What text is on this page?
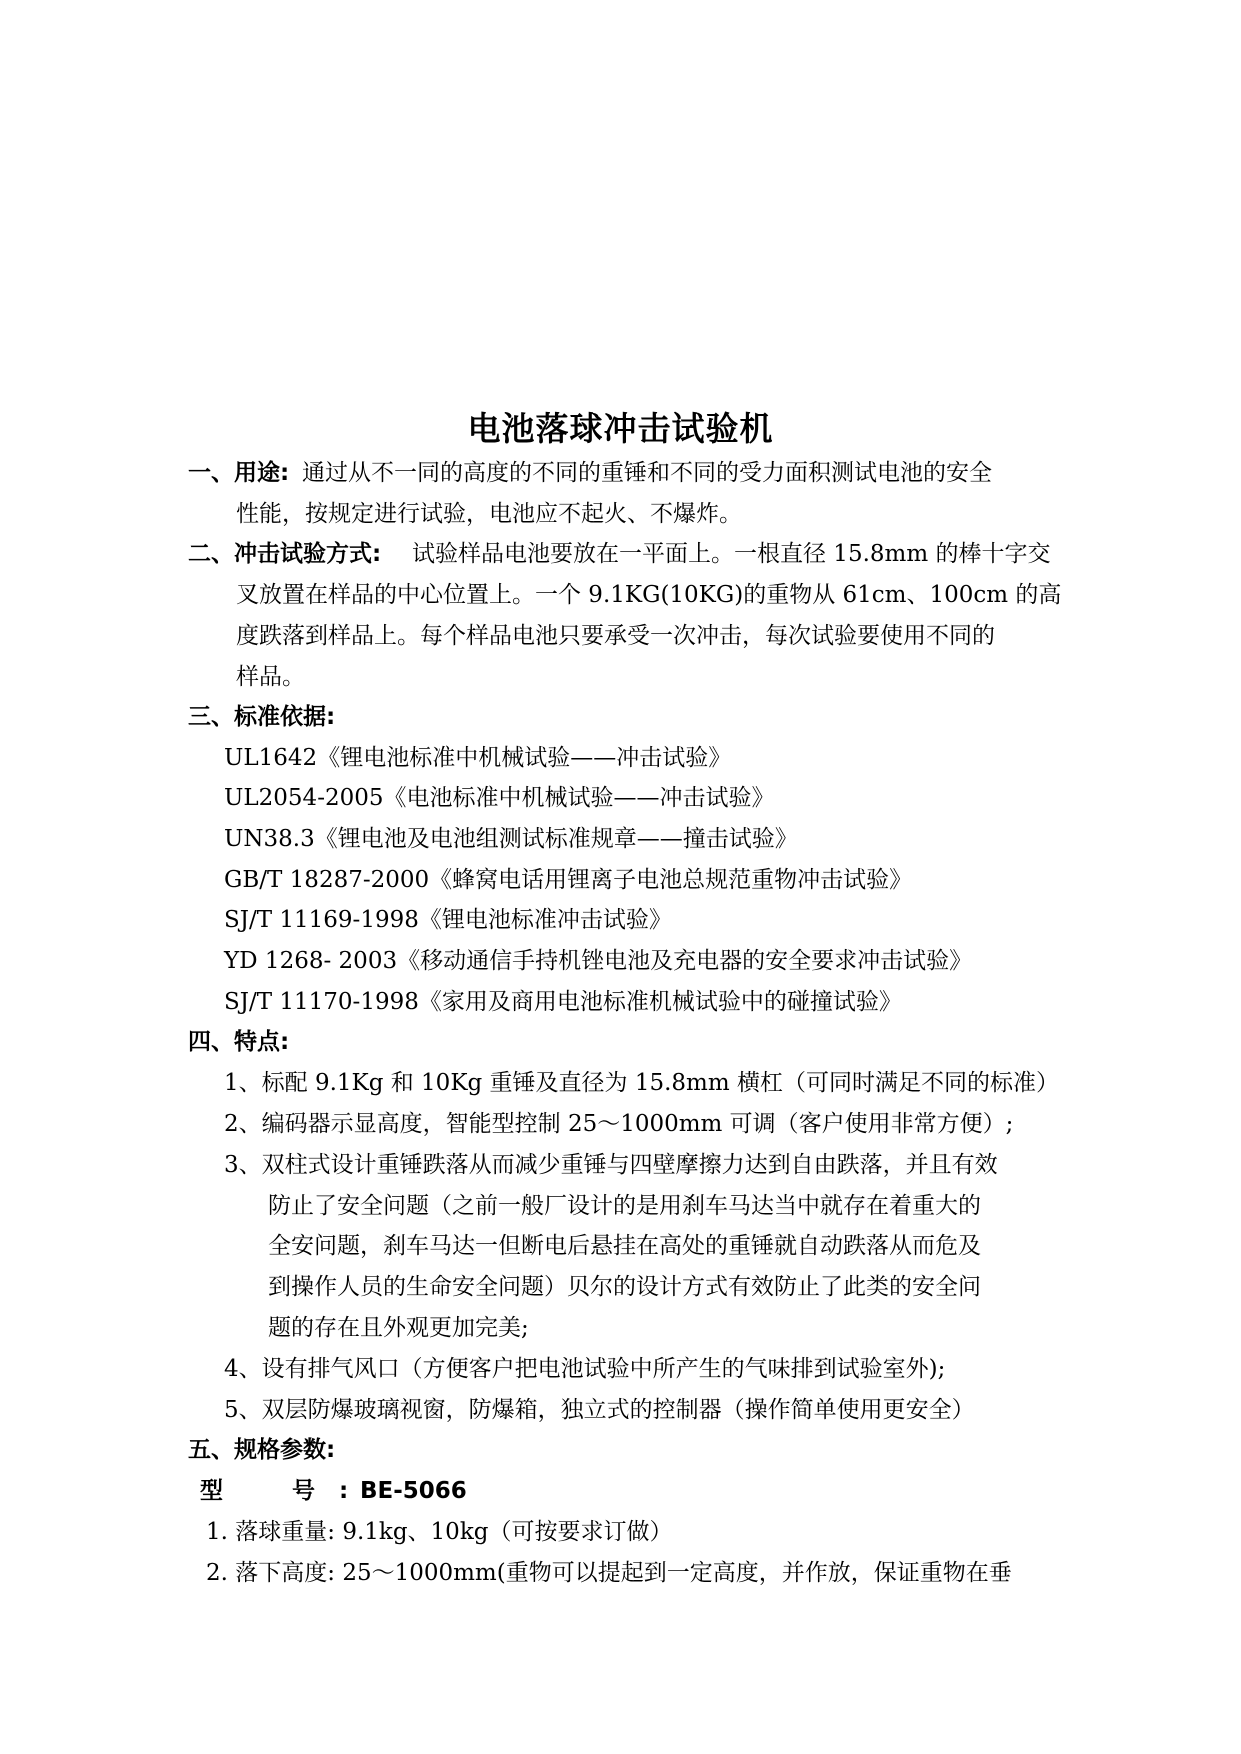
电池落球冲击试验机
一、用途: 通过从不一同的高度的不同的重锤和不同的受力面积测试电池的安全
性能，按规定进行试验，电池应不起火、不爆炸。
二、冲击试验方式: 试验样品电池要放在一平面上。一根直径 15.8mm 的棒十字交
叉放置在样品的中心位置上。一个 9.1KG(10KG)的重物从 61cm、100cm 的高
度跌落到样品上。每个样品电池只要承受一次冲击，每次试验要使用不同的
样品。
三、标准依据:
UL1642《锂电池标准中机械试验——冲击试验》
UL2054-2005《电池标准中机械试验——冲击试验》
UN38.3《锂电池及电池组测试标准规章——撞击试验》
GB/T 18287-2000《蜂窝电话用锂离子电池总规范重物冲击试验》
SJ/T 11169-1998《锂电池标准冲击试验》
YD 1268- 2003《移动通信手持机锉电池及充电器的安全要求冲击试验》
SJ/T 11170-1998《家用及商用电池标准机械试验中的碰撞试验》
四、特点:
1、标配 9.1Kg 和 10Kg 重锤及直径为 15.8mm 横杠（可同时满足不同的标准）
2、编码器示显高度，智能型控制 25～1000mm 可调（客户使用非常方便）;
3、双柱式设计重锤跌落从而减少重锤与四壁摩擦力达到自由跌落，并且有效
防止了安全问题（之前一般厂设计的是用刹车马达当中就存在着重大的
全安问题，刹车马达一但断电后悬挂在高处的重锤就自动跌落从而危及
到操作人员的生命安全问题）贝尔的设计方式有效防止了此类的安全问
题的存在且外观更加完美;
4、设有排气风口（方便客户把电池试验中所产生的气味排到试验室外);
5、双层防爆玻璃视窗，防爆箱，独立式的控制器（操作简单使用更安全）
五、规格参数:
型　　　号 : BE-5066
1. 落球重量: 9.1kg、10kg（可按要求订做）
2. 落下高度: 25～1000mm(重物可以提起到一定高度，并作放，保证重物在垂
